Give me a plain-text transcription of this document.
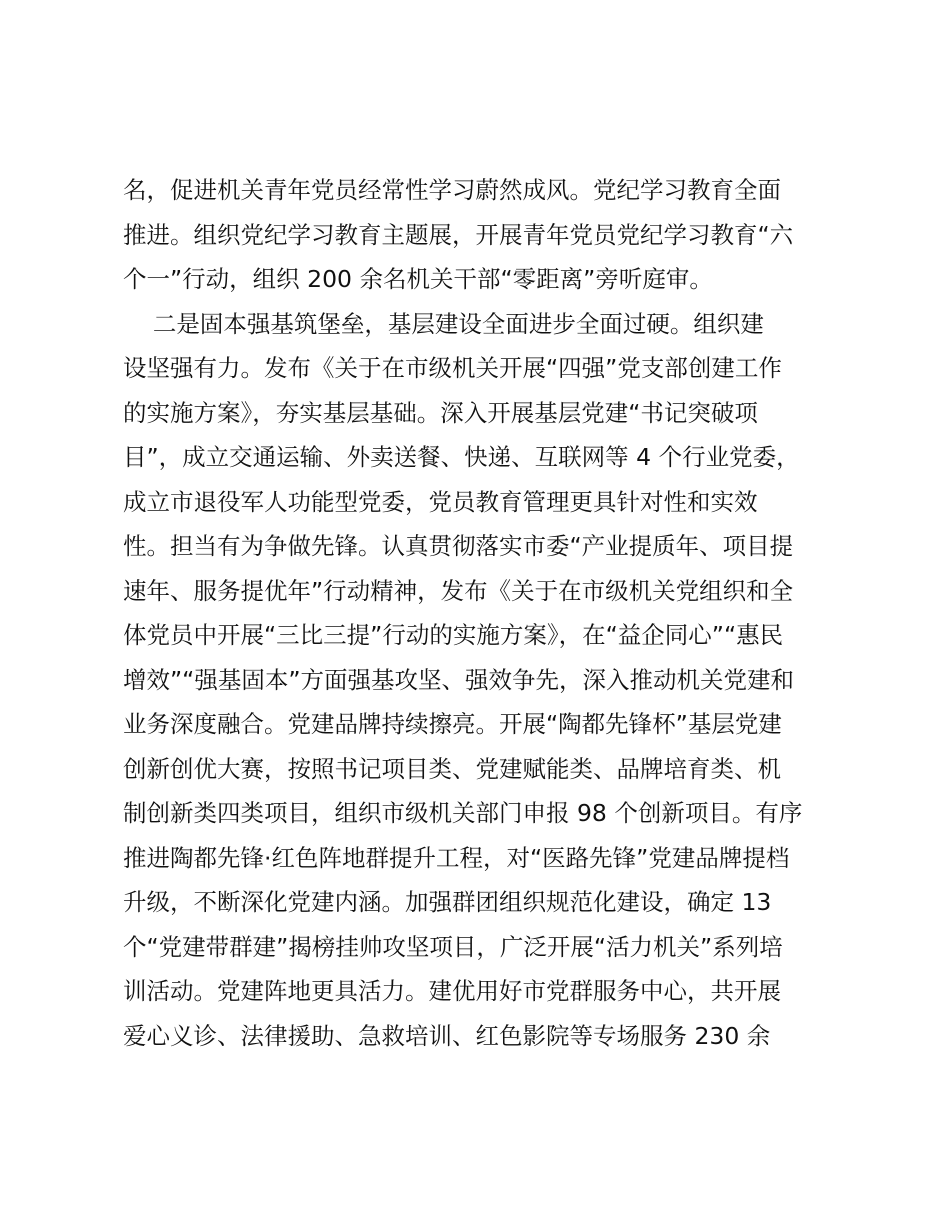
名，促进机关青年党员经常性学习蔚然成风。党纪学习教育全面
推进。组织党纪学习教育主题展，开展青年党员党纪学习教育“六
个一”行动，组织 200 余名机关干部“零距离”旁听庭审。
二是固本强基筑堡垒，基层建设全面进步全面过硬。组织建
设坚强有力。发布《关于在市级机关开展“四强”党支部创建工作
的实施方案》，夯实基层基础。深入开展基层党建“书记突破项
目”，成立交通运输、外卖送餐、快递、互联网等 4 个行业党委，
成立市退役军人功能型党委，党员教育管理更具针对性和实效
性。担当有为争做先锋。认真贯彻落实市委“产业提质年、项目提
速年、服务提优年”行动精神，发布《关于在市级机关党组织和全
体党员中开展“三比三提”行动的实施方案》，在“益企同心”“惠民
增效”“强基固本”方面强基攻坚、强效争先，深入推动机关党建和
业务深度融合。党建品牌持续擦亮。开展“陶都先锋杯”基层党建
创新创优大赛，按照书记项目类、党建赋能类、品牌培育类、机
制创新类四类项目，组织市级机关部门申报 98 个创新项目。有序
推进陶都先锋·红色阵地群提升工程，对“医路先锋”党建品牌提档
升级，不断深化党建内涵。加强群团组织规范化建设，确定 13
个“党建带群建”揭榜挂帅攻坚项目，广泛开展“活力机关”系列培
训活动。党建阵地更具活力。建优用好市党群服务中心，共开展
爱心义诊、法律援助、急救培训、红色影院等专场服务 230 余
